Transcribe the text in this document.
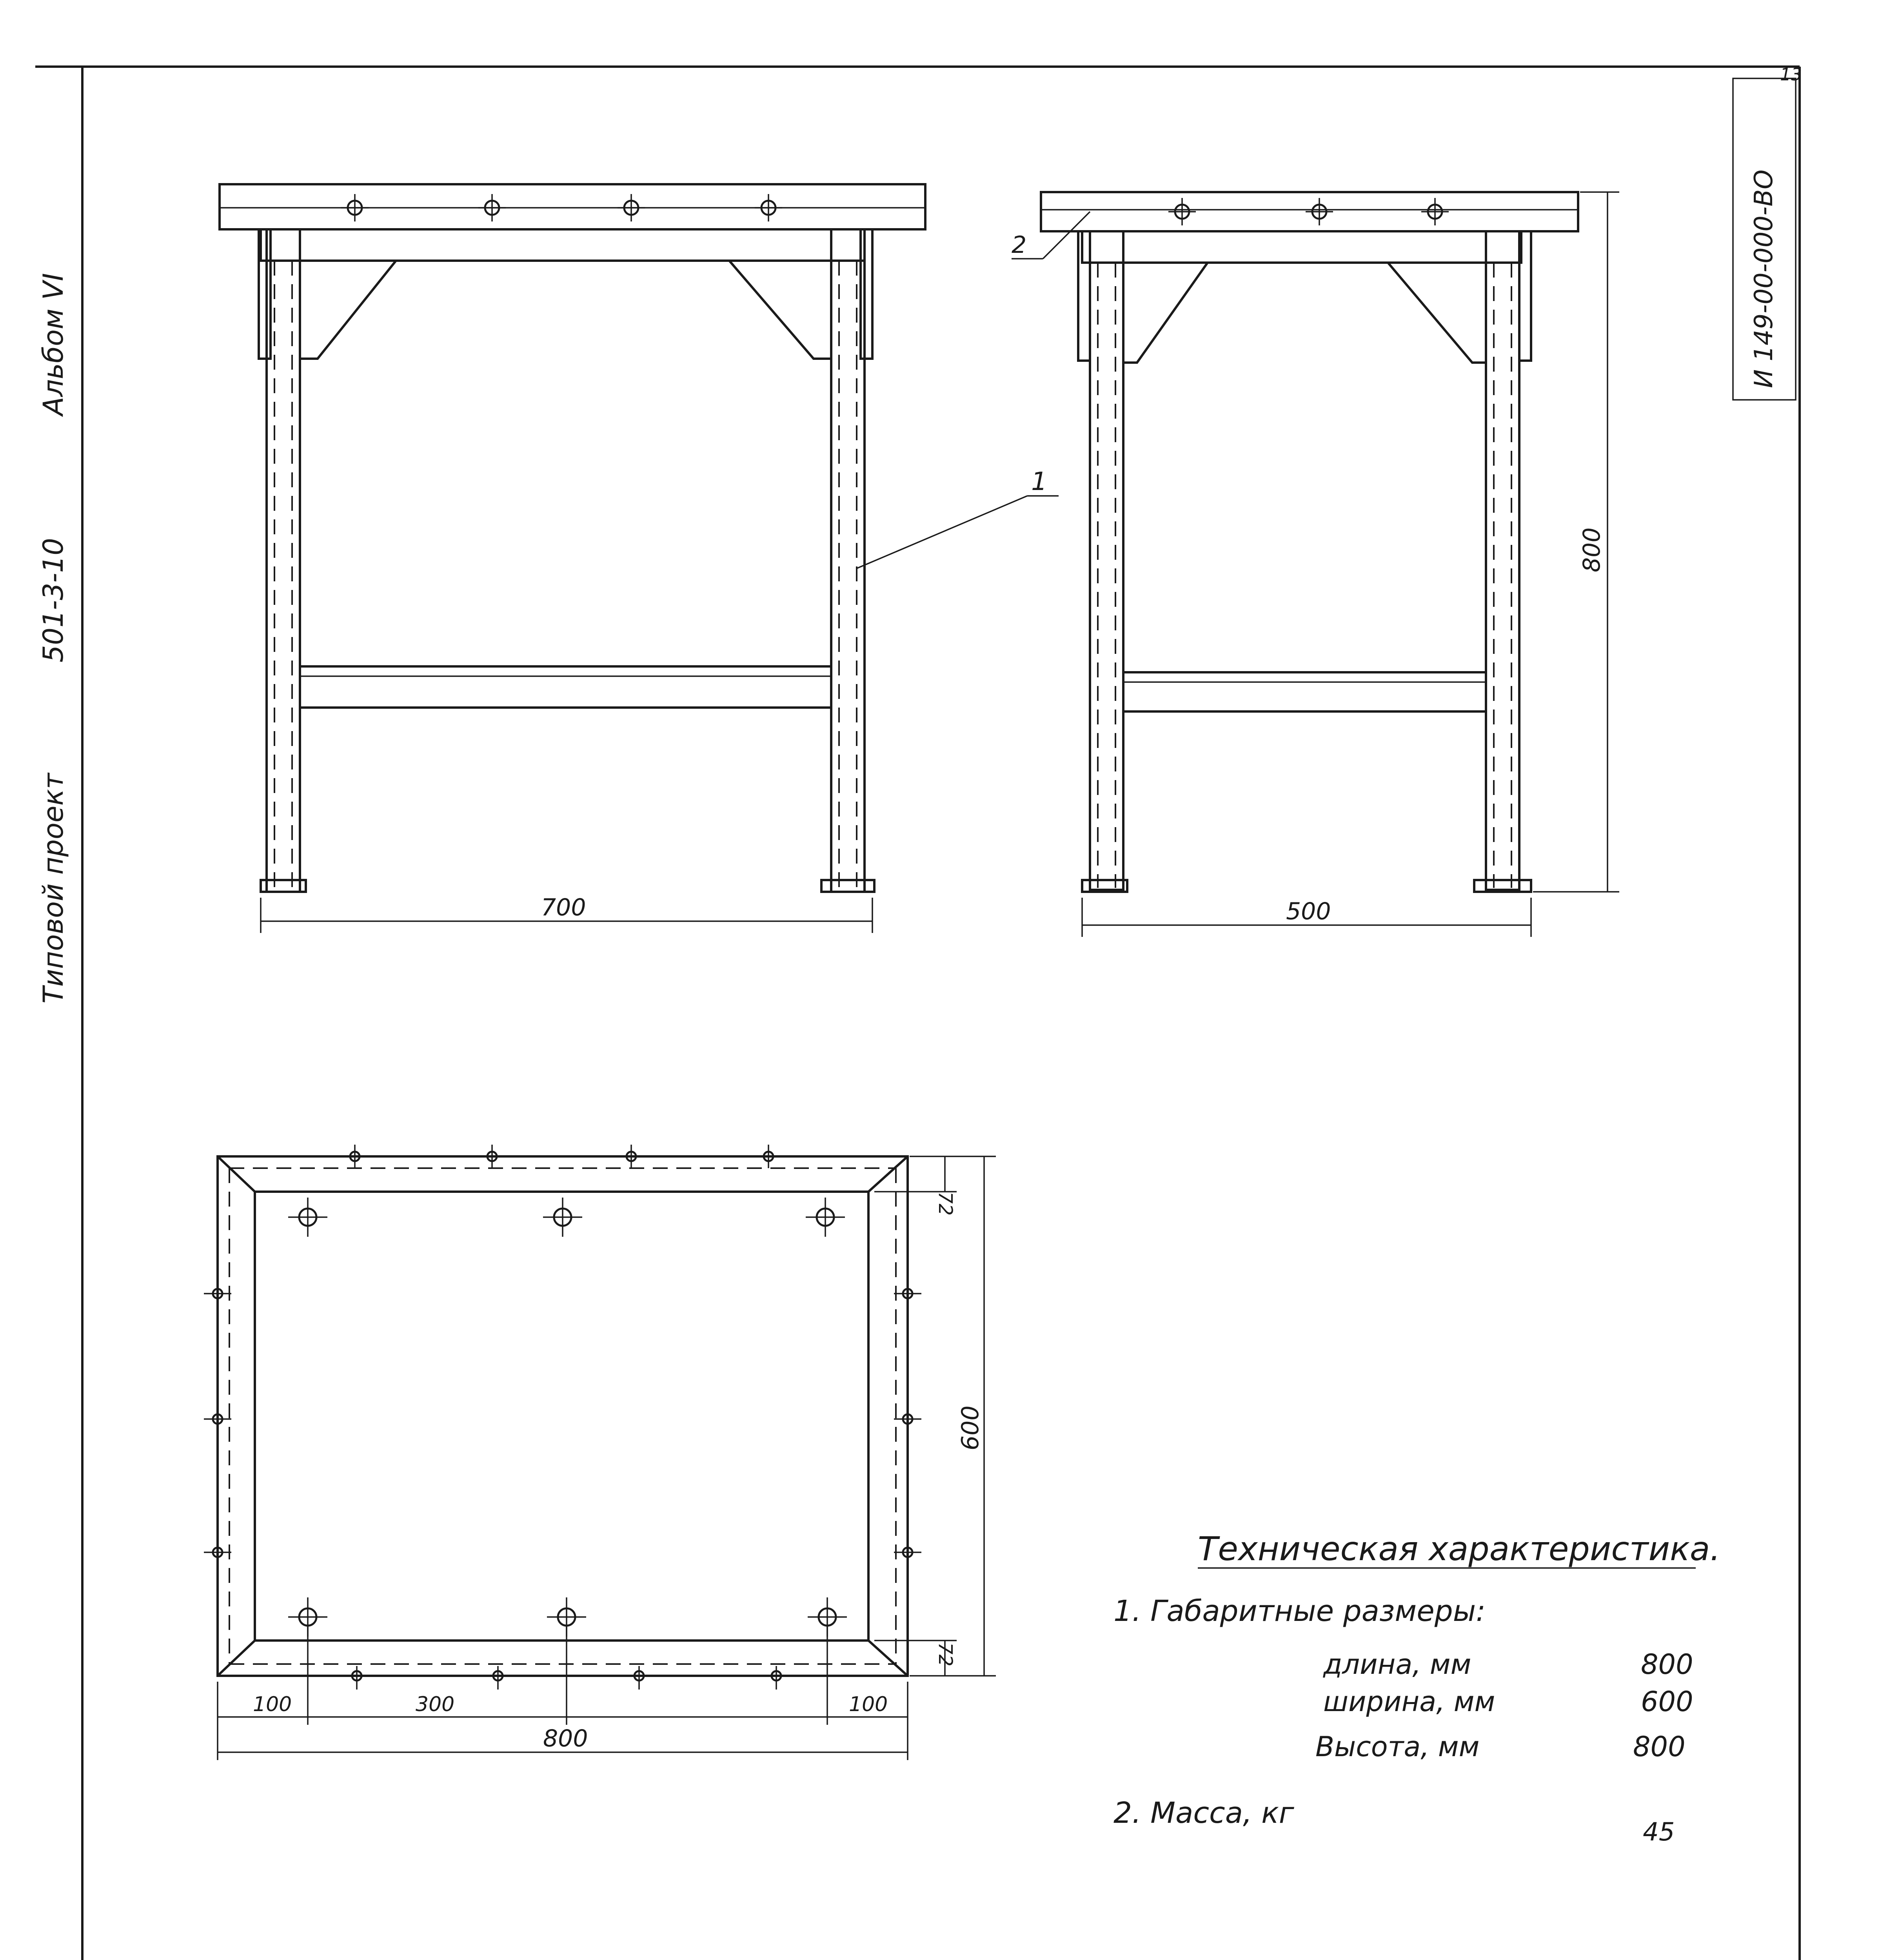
Типовой проект
501-3-10
Альбом VI	И 149-00-000-ВО
13
700
1
500
800
2
72
72
600
100	300	100
800
Техническая характеристика.
1. Габаритные размеры:
длина, мм	800
ширина, мм	600
Высота, мм	800
2. Масса, кг
45
